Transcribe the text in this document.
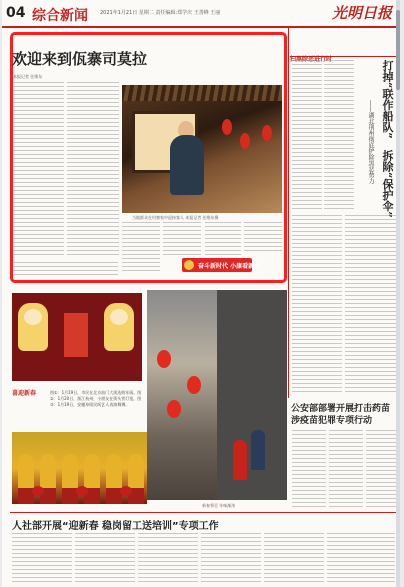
04 综合新闻 2021年1月21日 星期二 责任编辑:郑学庆 王善峰 王丽	光明日报
欢迎来到佤寨司莫拉
本报记者 任维东
当地群众在村寨家中迎接客人 本报记者 任维东摄
奋斗新时代 小康看新村
扫黑除恶进行时
打掉“联作船队”
——湖北荆州彻底铲除黑恶势力 拆除“保护伞”
喜迎新春	图①：1月19日，市民在北京前门大街选购年画。图②：1月20日，浙江杭州，小朋友在街头赏灯笼。图③：1月19日，安徽阜阳民间艺人表演舞狮。
新春将至 年味渐浓
公安部部署开展打击药苗
涉疫苗犯罪专项行动
人社部开展“迎新春 稳岗留工送培训”专项工作
